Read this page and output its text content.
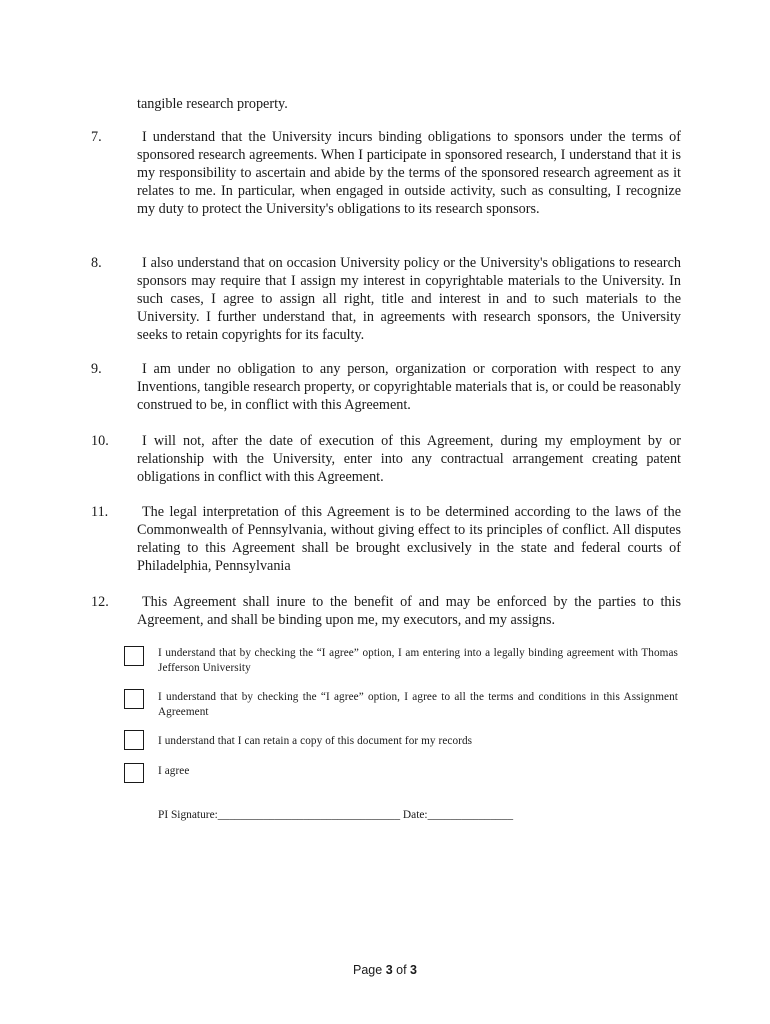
tangible research property.
7.	I understand that the University incurs binding obligations to sponsors under the terms of sponsored research agreements. When I participate in sponsored research, I understand that it is my responsibility to ascertain and abide by the terms of the sponsored research agreement as it relates to me. In particular, when engaged in outside activity, such as consulting, I recognize my duty to protect the University's obligations to its research sponsors.
8.	I also understand that on occasion University policy or the University's obligations to research sponsors may require that I assign my interest in copyrightable materials to the University. In such cases, I agree to assign all right, title and interest in and to such materials to the University. I further understand that, in agreements with research sponsors, the University seeks to retain copyrights for its faculty.
9.	I am under no obligation to any person, organization or corporation with respect to any Inventions, tangible research property, or copyrightable materials that is, or could be reasonably construed to be, in conflict with this Agreement.
10.	I will not, after the date of execution of this Agreement, during my employment by or relationship with the University, enter into any contractual arrangement creating patent obligations in conflict with this Agreement.
11.	The legal interpretation of this Agreement is to be determined according to the laws of the Commonwealth of Pennsylvania, without giving effect to its principles of conflict. All disputes relating to this Agreement shall be brought exclusively in the state and federal courts of Philadelphia, Pennsylvania
12.	This Agreement shall inure to the benefit of and may be enforced by the parties to this Agreement, and shall be binding upon me, my executors, and my assigns.
I understand that by checking the “I agree” option, I am entering into a legally binding agreement with Thomas Jefferson University
I understand that by checking the “I agree” option, I agree to all the terms and conditions in this Assignment Agreement
I understand that I can retain a copy of this document for my records
I agree
PI Signature:________________________________ Date:_______________
Page 3 of 3
